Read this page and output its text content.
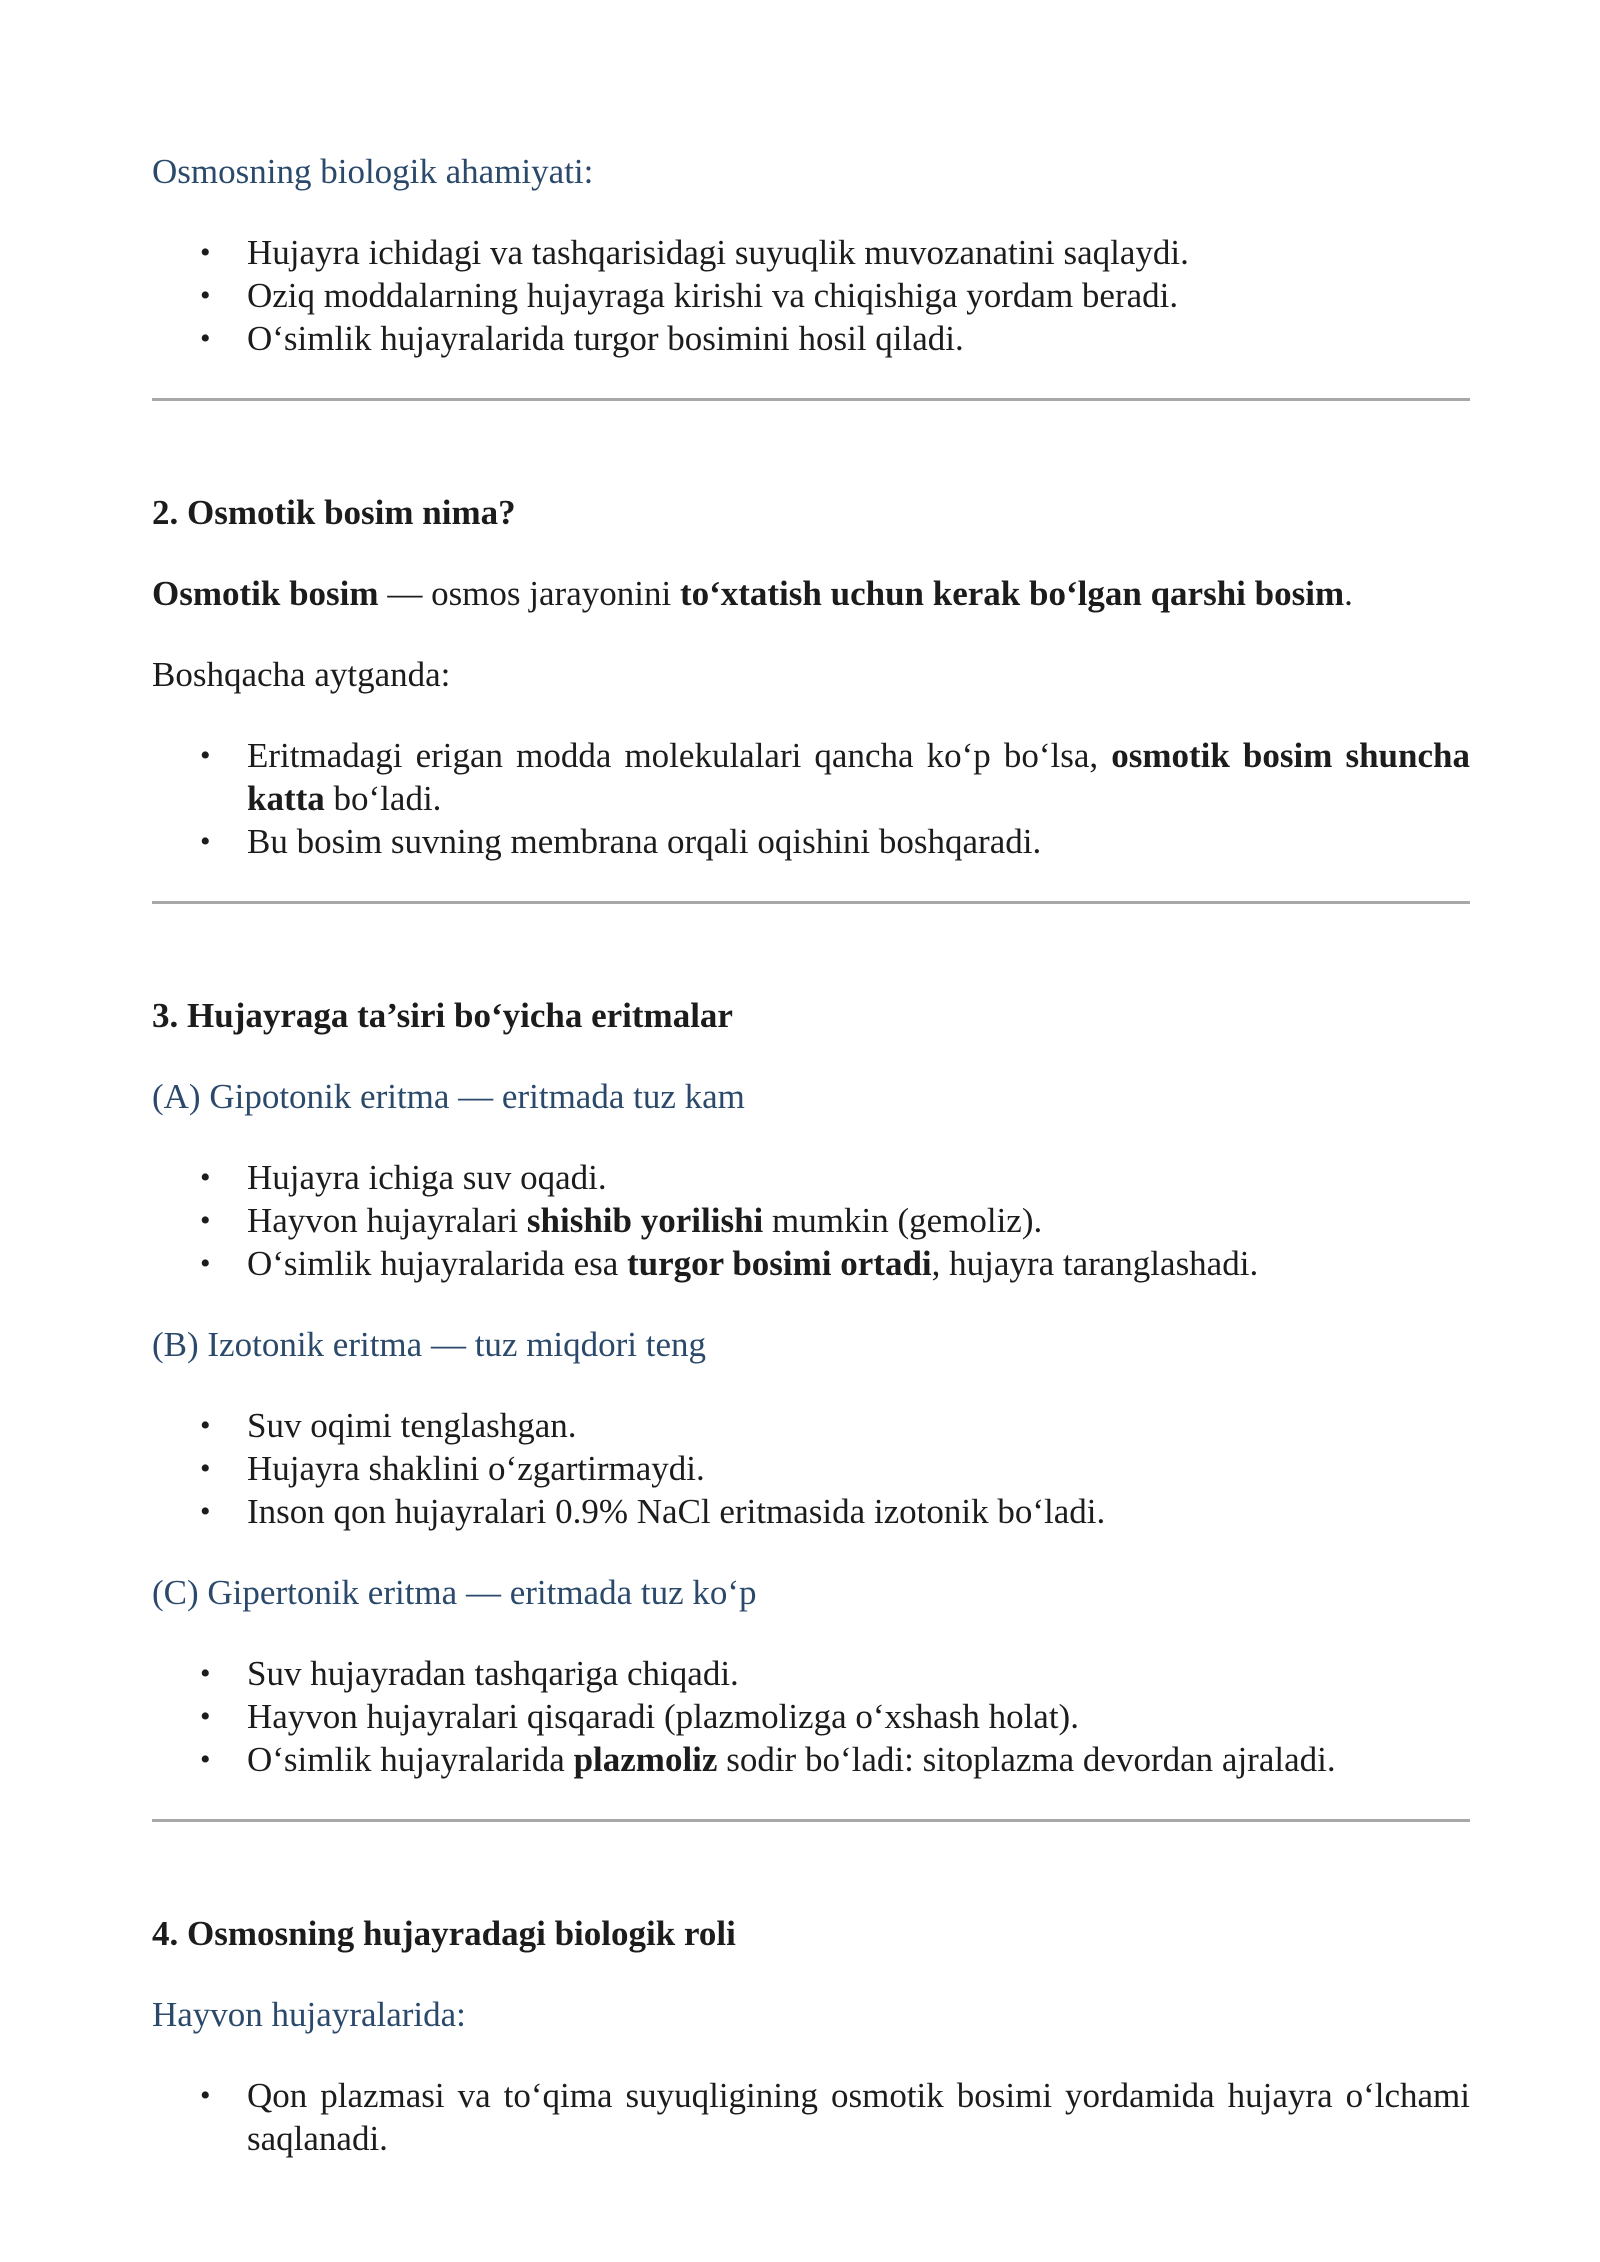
Osmosning biologik ahamiyati:
• Hujayra ichidagi va tashqarisidagi suyuqlik muvozanatini saqlaydi.
• Oziq moddalarning hujayraga kirishi va chiqishiga yordam beradi.
• O‘simlik hujayralarida turgor bosimini hosil qiladi.
2. Osmotik bosim nima?
Osmotik bosim — osmos jarayonini to‘xtatish uchun kerak bo‘lgan qarshi bosim.
Boshqacha aytganda:
• Eritmadagi erigan modda molekulalari qancha ko‘p bo‘lsa, osmotik bosim shuncha katta bo‘ladi.
• Bu bosim suvning membrana orqali oqishini boshqaradi.
3. Hujayraga ta’siri bo‘yicha eritmalar
(A) Gipotonik eritma — eritmada tuz kam
• Hujayra ichiga suv oqadi.
• Hayvon hujayralari shishib yorilishi mumkin (gemoliz).
• O‘simlik hujayralarida esa turgor bosimi ortadi, hujayra taranglashadi.
(B) Izotonik eritma — tuz miqdori teng
• Suv oqimi tenglashgan.
• Hujayra shaklini o‘zgartirmaydi.
• Inson qon hujayralari 0.9% NaCl eritmasida izotonik bo‘ladi.
(C) Gipertonik eritma — eritmada tuz ko‘p
• Suv hujayradan tashqariga chiqadi.
• Hayvon hujayralari qisqaradi (plazmolizga o‘xshash holat).
• O‘simlik hujayralarida plazmoliz sodir bo‘ladi: sitoplazma devordan ajraladi.
4. Osmosning hujayradagi biologik roli
Hayvon hujayralarida:
• Qon plazmasi va to‘qima suyuqligining osmotik bosimi yordamida hujayra o‘lchami saqlanadi.
